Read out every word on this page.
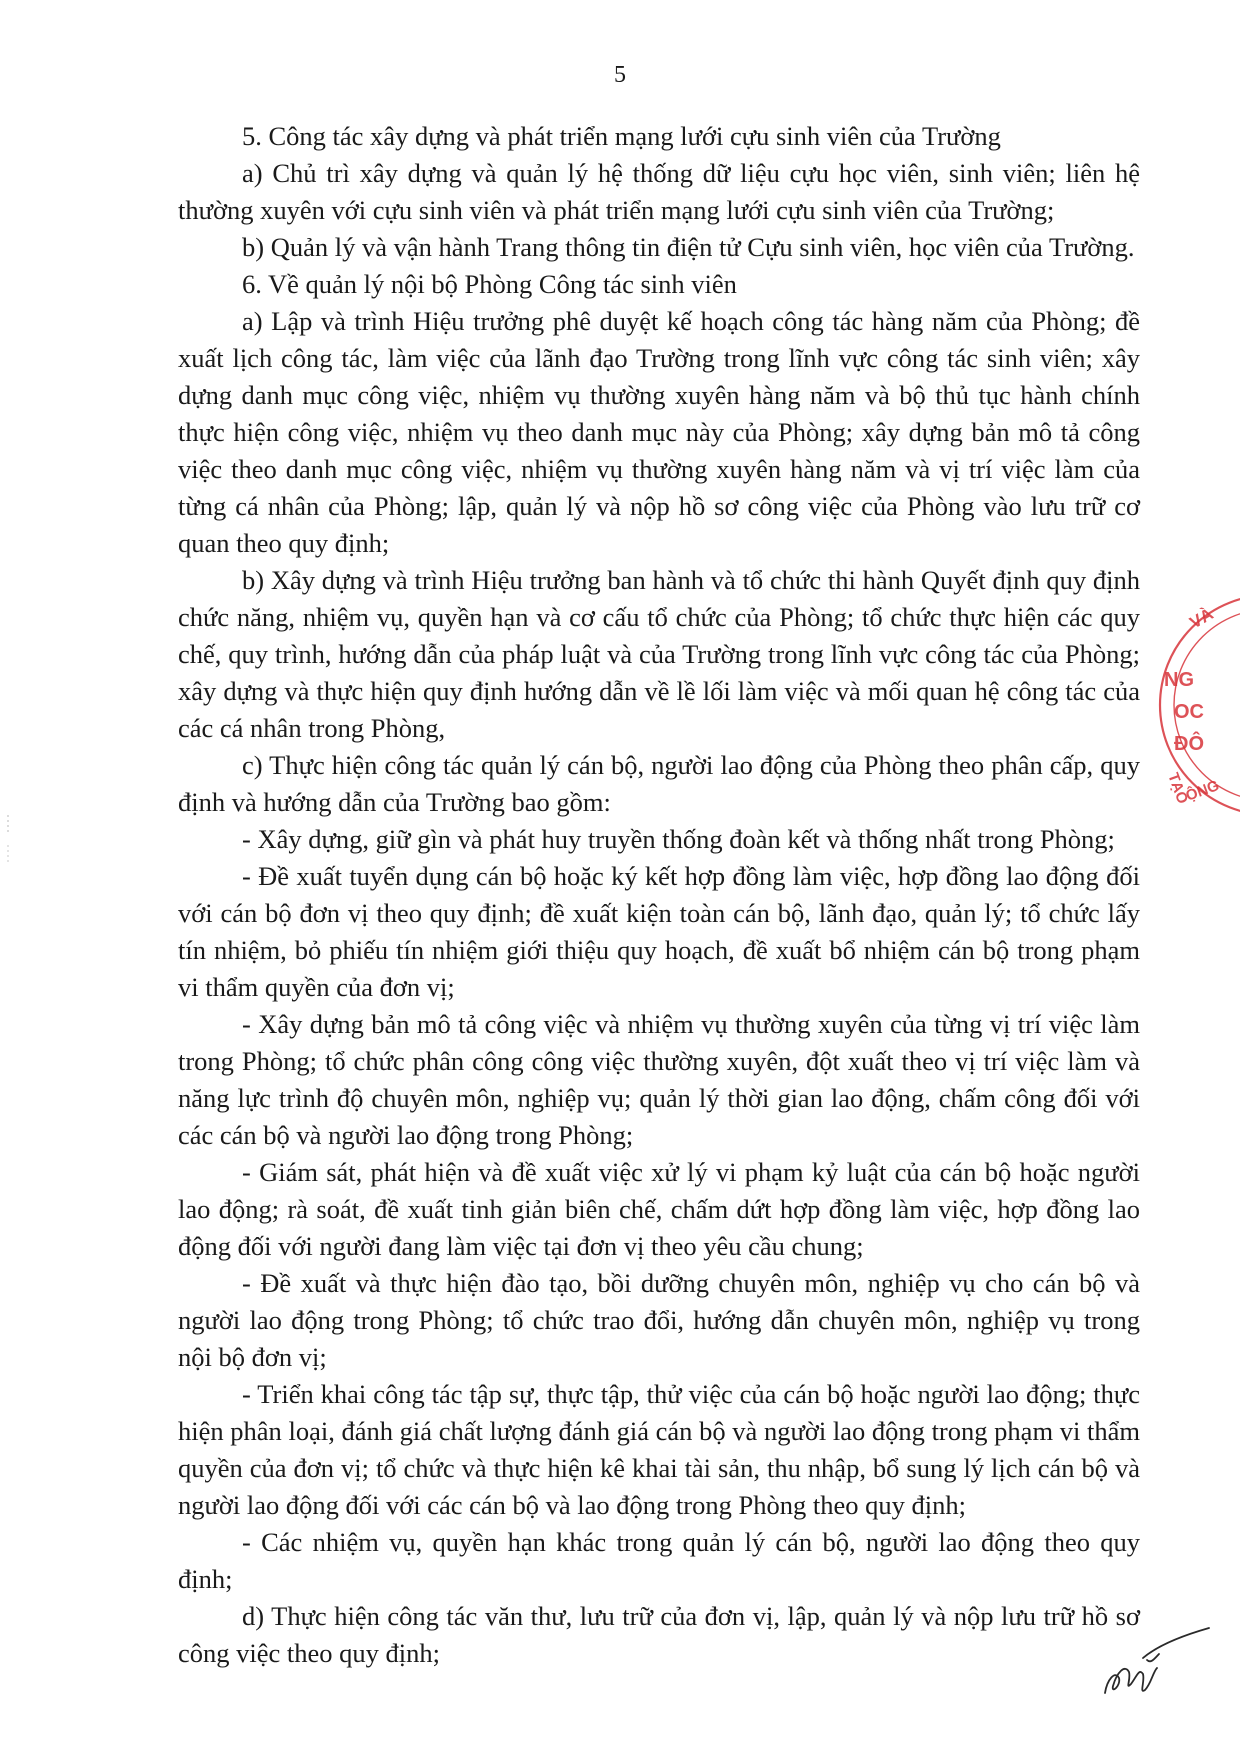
5

5. Công tác xây dựng và phát triển mạng lưới cựu sinh viên của Trường

a) Chủ trì xây dựng và quản lý hệ thống dữ liệu cựu học viên, sinh viên; liên hệ thường xuyên với cựu sinh viên và phát triển mạng lưới cựu sinh viên của Trường;

b) Quản lý và vận hành Trang thông tin điện tử Cựu sinh viên, học viên của Trường.

6. Về quản lý nội bộ Phòng Công tác sinh viên

a) Lập và trình Hiệu trưởng phê duyệt kế hoạch công tác hàng năm của Phòng; đề xuất lịch công tác, làm việc của lãnh đạo Trường trong lĩnh vực công tác sinh viên; xây dựng danh mục công việc, nhiệm vụ thường xuyên hàng năm và bộ thủ tục hành chính thực hiện công việc, nhiệm vụ theo danh mục này của Phòng; xây dựng bản mô tả công việc theo danh mục công việc, nhiệm vụ thường xuyên hàng năm và vị trí việc làm của từng cá nhân của Phòng; lập, quản lý và nộp hồ sơ công việc của Phòng vào lưu trữ cơ quan theo quy định;

b) Xây dựng và trình Hiệu trưởng ban hành và tổ chức thi hành Quyết định quy định chức năng, nhiệm vụ, quyền hạn và cơ cấu tổ chức của Phòng; tổ chức thực hiện các quy chế, quy trình, hướng dẫn của pháp luật và của Trường trong lĩnh vực công tác của Phòng; xây dựng và thực hiện quy định hướng dẫn về lề lối làm việc và mối quan hệ công tác của các cá nhân trong Phòng,

c) Thực hiện công tác quản lý cán bộ, người lao động của Phòng theo phân cấp, quy định và hướng dẫn của Trường bao gồm:

- Xây dựng, giữ gìn và phát huy truyền thống đoàn kết và thống nhất trong Phòng;

- Đề xuất tuyển dụng cán bộ hoặc ký kết hợp đồng làm việc, hợp đồng lao động đối với cán bộ đơn vị theo quy định; đề xuất kiện toàn cán bộ, lãnh đạo, quản lý; tổ chức lấy tín nhiệm, bỏ phiếu tín nhiệm giới thiệu quy hoạch, đề xuất bổ nhiệm cán bộ trong phạm vi thẩm quyền của đơn vị;

- Xây dựng bản mô tả công việc và nhiệm vụ thường xuyên của từng vị trí việc làm trong Phòng; tổ chức phân công công việc thường xuyên, đột xuất theo vị trí việc làm và năng lực trình độ chuyên môn, nghiệp vụ; quản lý thời gian lao động, chấm công đối với các cán bộ và người lao động trong Phòng;

- Giám sát, phát hiện và đề xuất việc xử lý vi phạm kỷ luật của cán bộ hoặc người lao động; rà soát, đề xuất tinh giản biên chế, chấm dứt hợp đồng làm việc, hợp đồng lao động đối với người đang làm việc tại đơn vị theo yêu cầu chung;

- Đề xuất và thực hiện đào tạo, bồi dưỡng chuyên môn, nghiệp vụ cho cán bộ và người lao động trong Phòng; tổ chức trao đổi, hướng dẫn chuyên môn, nghiệp vụ trong nội bộ đơn vị;

- Triển khai công tác tập sự, thực tập, thử việc của cán bộ hoặc người lao động; thực hiện phân loại, đánh giá chất lượng đánh giá cán bộ và người lao động trong phạm vi thẩm quyền của đơn vị; tổ chức và thực hiện kê khai tài sản, thu nhập, bổ sung lý lịch cán bộ và người lao động đối với các cán bộ và lao động trong Phòng theo quy định;

- Các nhiệm vụ, quyền hạn khác trong quản lý cán bộ, người lao động theo quy định;

d) Thực hiện công tác văn thư, lưu trữ của đơn vị, lập, quản lý và nộp lưu trữ hồ sơ công việc theo quy định;

VÀ
NG
OC
ĐÔ
TẠO
ỘNG
